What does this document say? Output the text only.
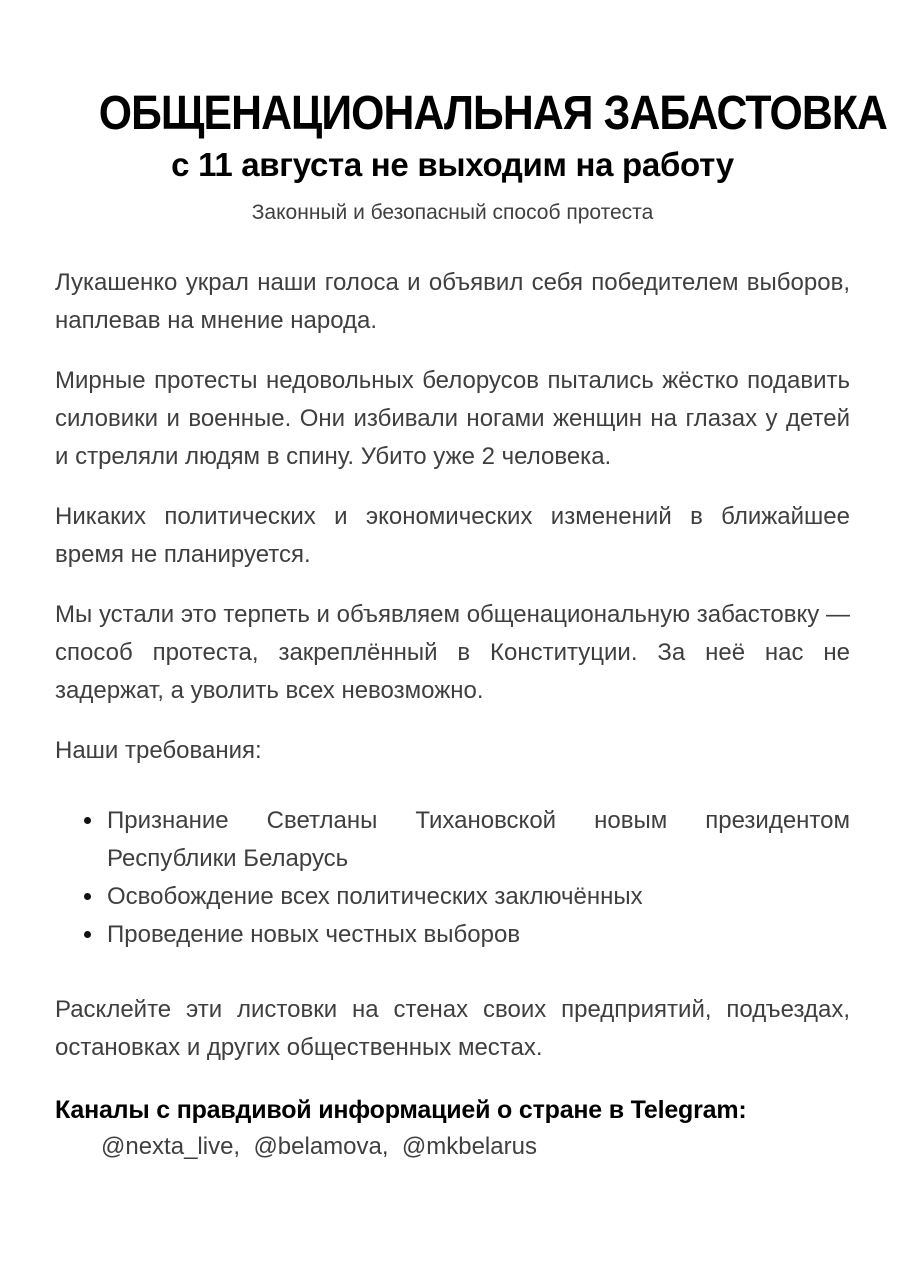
ОБЩЕНАЦИОНАЛЬНАЯ ЗАБАСТОВКА
с 11 августа не выходим на работу

Законный и безопасный способ протеста

Лукашенко украл наши голоса и объявил себя победителем выборов, наплевав на мнение народа.

Мирные протесты недовольных белорусов пытались жёстко подавить силовики и военные. Они избивали ногами женщин на глазах у детей и стреляли людям в спину. Убито уже 2 человека.

Никаких политических и экономических изменений в ближайшее время не планируется.

Мы устали это терпеть и объявляем общенациональную забастовку — способ протеста, закреплённый в Конституции. За неё нас не задержат, а уволить всех невозможно.

Наши требования:

• Признание Светланы Тихановской новым президентом Республики Беларусь
• Освобождение всех политических заключённых
• Проведение новых честных выборов

Расклейте эти листовки на стенах своих предприятий, подъездах, остановках и других общественных местах.

Каналы с правдивой информацией о стране в Telegram:

@nexta_live,  @belamova,  @mkbelarus
